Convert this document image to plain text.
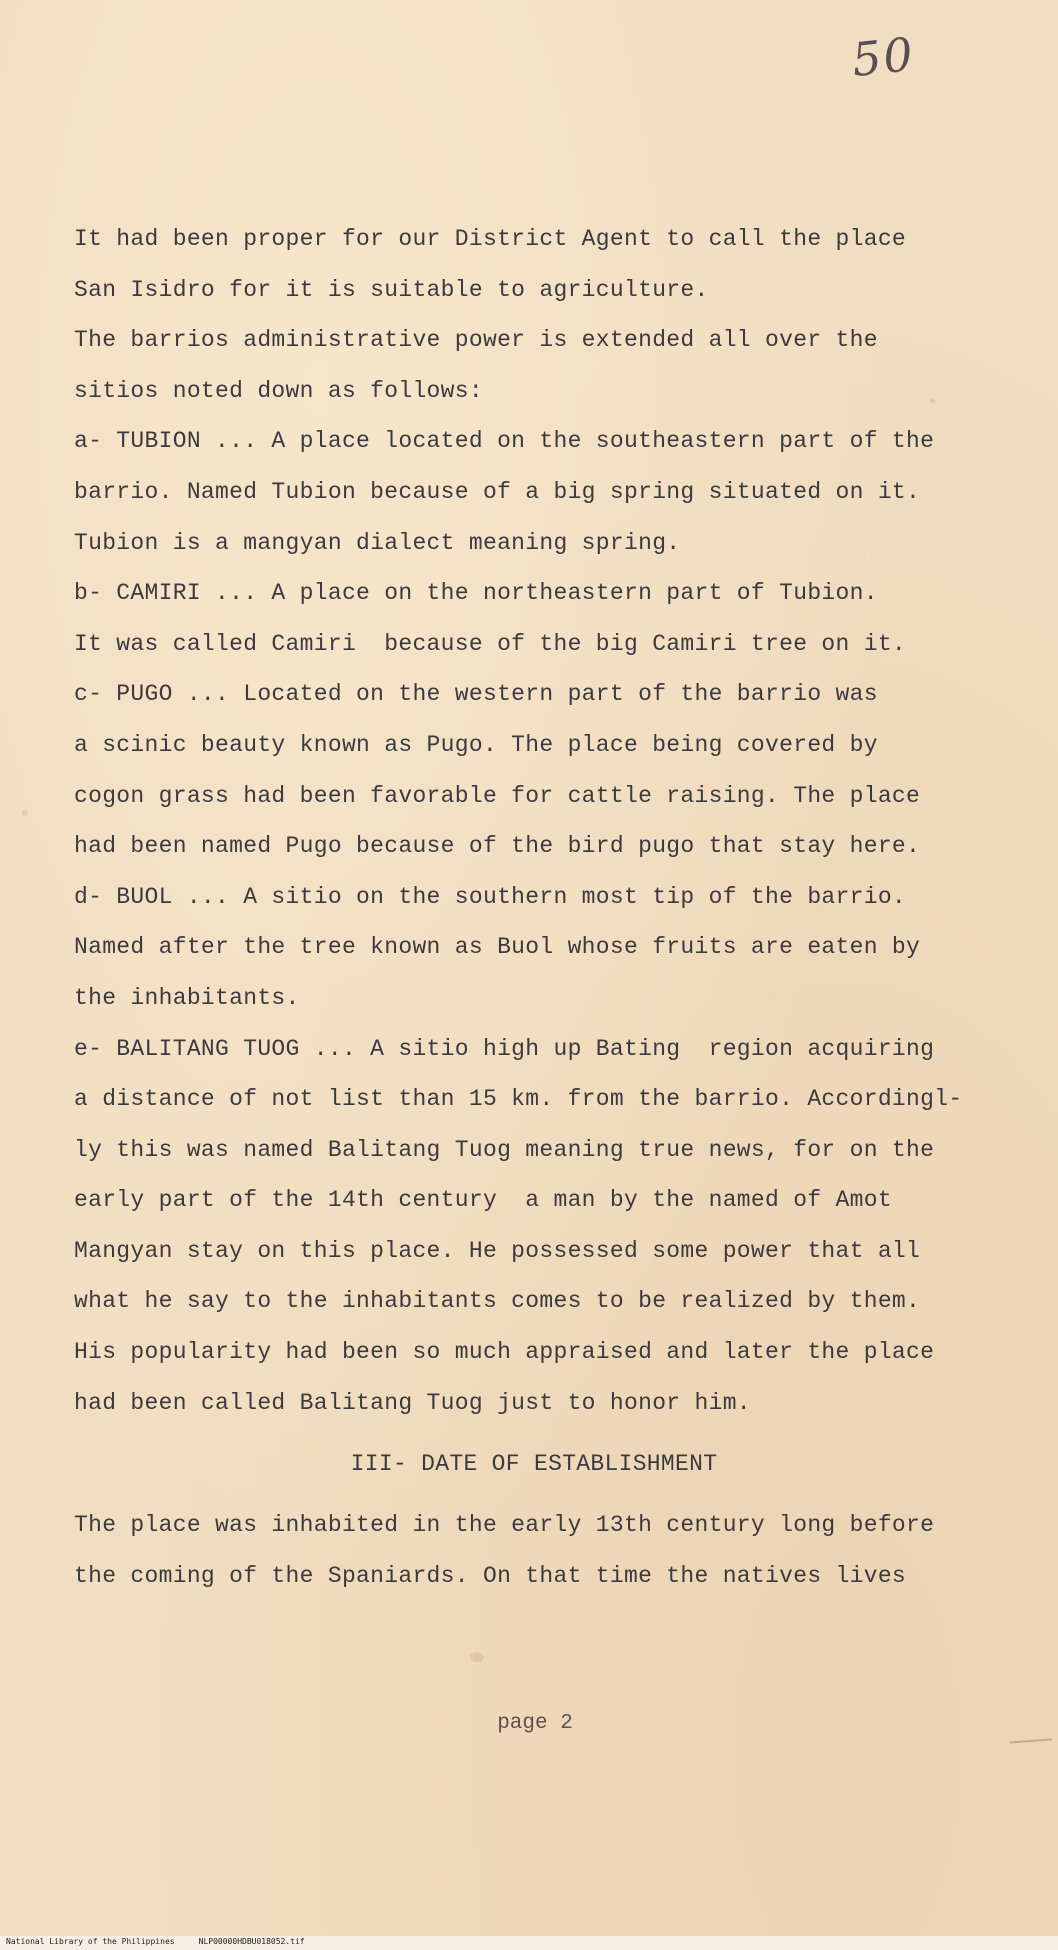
50
It had been proper for our District Agent to call the place
San Isidro for it is suitable to agriculture.
The barrios administrative power is extended all over the
sitios noted down as follows:
a- TUBION ... A place located on the southeastern part of the
barrio. Named Tubion because of a big spring situated on it.
Tubion is a mangyan dialect meaning spring.
b- CAMIRI ... A place on the northeastern part of Tubion.
It was called Camiri  because of the big Camiri tree on it.
c- PUGO ... Located on the western part of the barrio was
a scinic beauty known as Pugo. The place being covered by
cogon grass had been favorable for cattle raising. The place
had been named Pugo because of the bird pugo that stay here.
d- BUOL ... A sitio on the southern most tip of the barrio.
Named after the tree known as Buol whose fruits are eaten by
the inhabitants.
e- BALITANG TUOG ... A sitio high up Bating  region acquiring
a distance of not list than 15 km. from the barrio. Accordingl-
ly this was named Balitang Tuog meaning true news, for on the
early part of the 14th century  a man by the named of Amot
Mangyan stay on this place. He possessed some power that all
what he say to the inhabitants comes to be realized by them.
His popularity had been so much appraised and later the place
had been called Balitang Tuog just to honor him.
III- DATE OF ESTABLISHMENT
The place was inhabited in the early 13th century long before
the coming of the Spaniards. On that time the natives lives
page 2
National Library of the Philippines     NLP00000HDBU018052.tif
